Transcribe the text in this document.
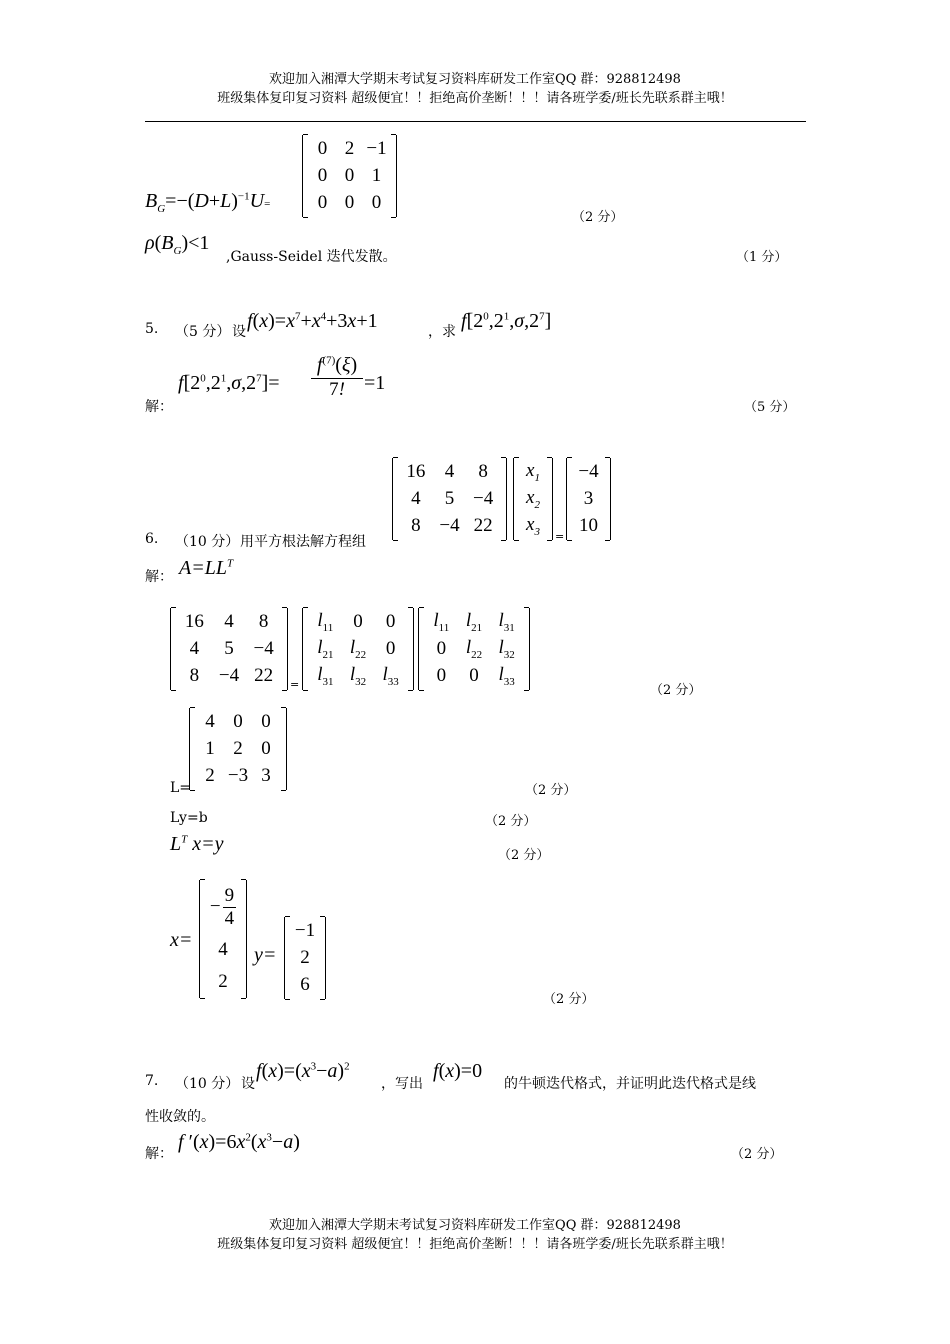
欢迎加入湘潭大学期末考试复习资料库研发工作室QQ 群：928812498
班级集体复印复习资料 超级便宜！！拒绝高价垄断！！！请各班学委/班长先联系群主哦！
$B_G=-(D+L)^{-1}U=$
0 2 −1
0 0 1
0 0 0
（2 分）
$\rho(B_G)<1$
,Gauss-Seidel 迭代发散。	（1 分）
5. （5 分） 设 $f(x)=x^7+x^4+3x+1$	，求 $f[2^0,2^1,\sigma,2^7]$
解：
$f[2^0,2^1,\sigma,2^7]=$
$f^{(7)}(\xi)$
7! =1
（5 分）
6. （10 分） 用平方根法解方程组
16 4 8
4 5 −4
8 −4 22
$x_1$
$x_2$
$x_3$ =
−4
3
10
解： $A=LL^T$
16 4 8
4 5 −4
8 −4 22 =
$l_{11}$ 0 0
$l_{21}$ $l_{22}$ 0
$l_{31}$ $l_{32}$ $l_{33}$
$l_{11}$ $l_{21}$ $l_{31}$
0 $l_{22}$ $l_{32}$
0 0 $l_{33}$
（2 分）
L=
4 0 0
1 2 0
2 −3 3
（2 分）
Ly=b	（2 分）
$L^T$ x=y
（2 分）
x=
− $\frac{9}{4}$
4
2
y=
−1
2
6
（2 分）
7. （10 分） 设
$f(x)=(x^3-a)^2$
，写出
f(x)=0
的牛顿迭代格式，并证明此迭代格式是线
性收敛的。
解：
f $'(x)=6x^2(x^3-a)$
（2 分）
欢迎加入湘潭大学期末考试复习资料库研发工作室QQ 群：928812498
班级集体复印复习资料 超级便宜！！拒绝高价垄断！！！请各班学委/班长先联系群主哦！
